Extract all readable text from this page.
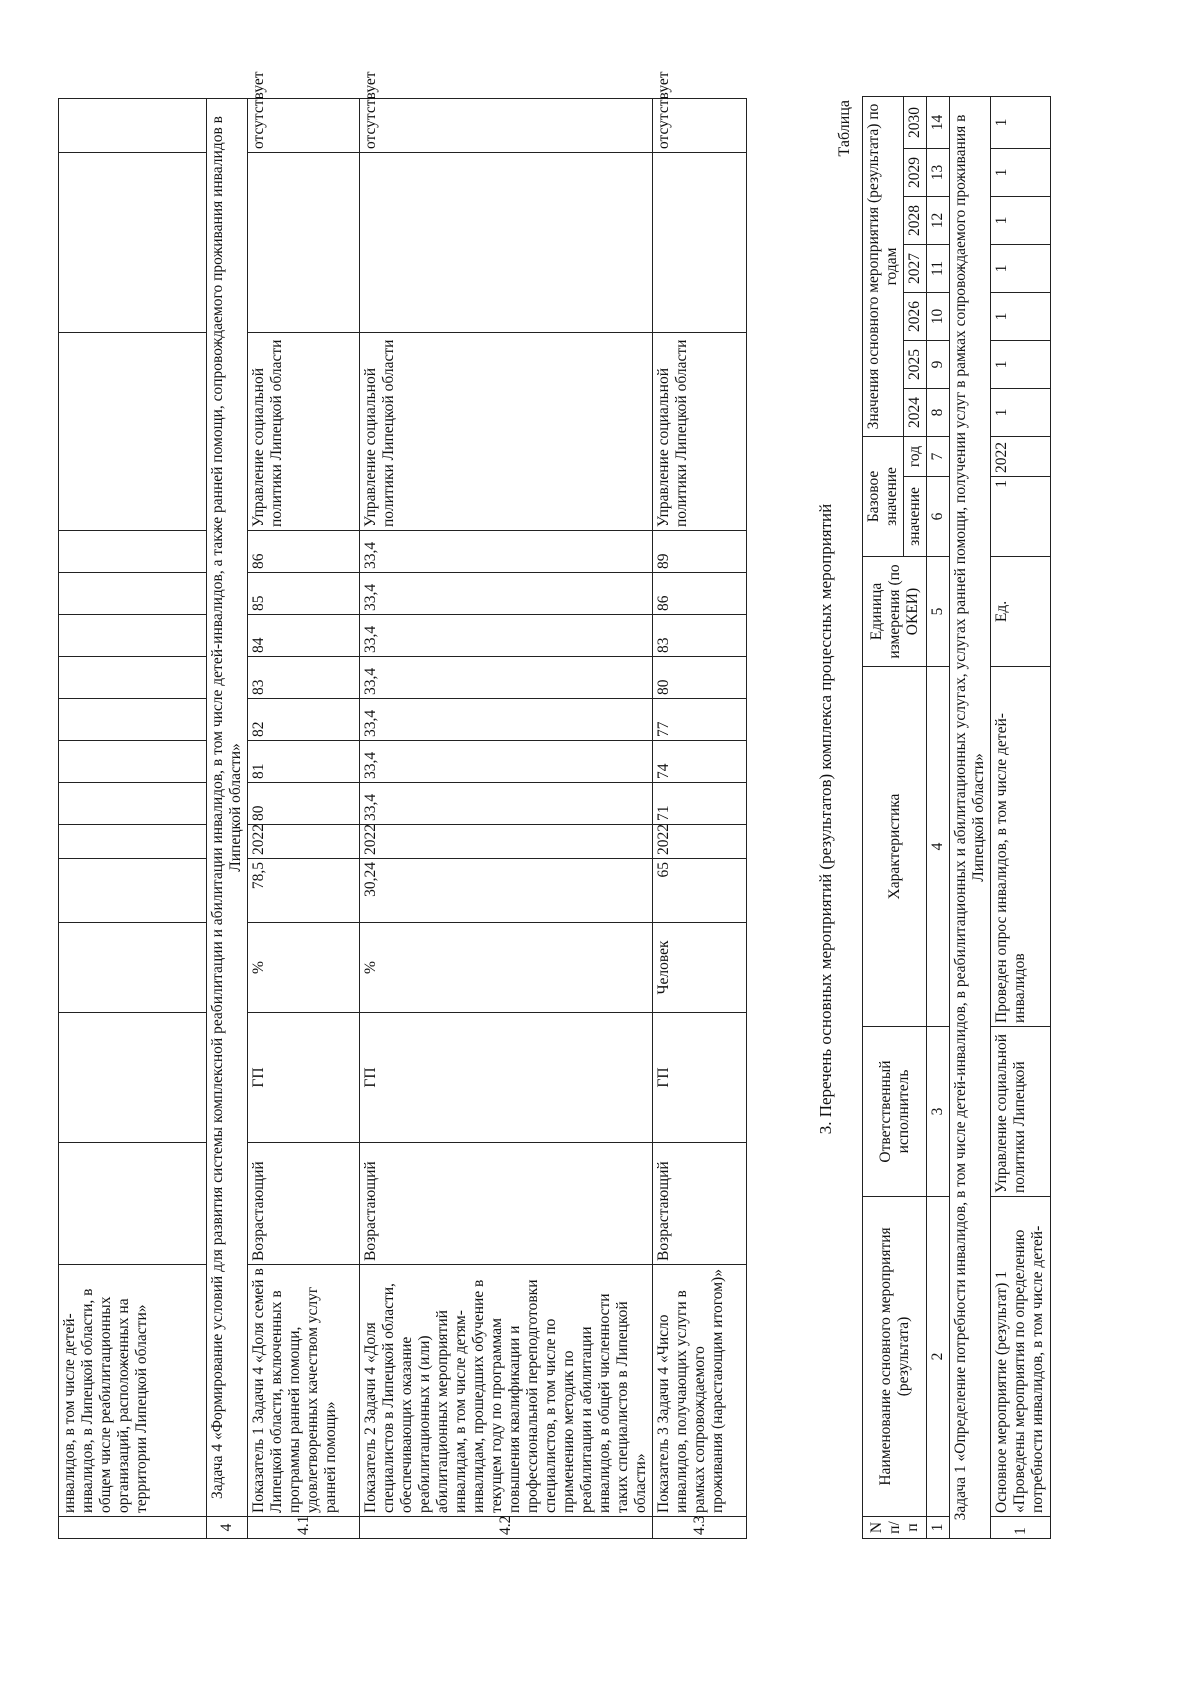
	инвалидов, в том числе детей-инвалидов, в Липецкой области, в общем числе реабилитационных организаций, расположенных на территории Липецкой области»															
4	Задача 4 «Формирование условий для развития системы комплексной реабилитации и абилитации инвалидов, в том числе детей-инвалидов, а также ранней помощи, сопровождаемого проживания инвалидов в Липецкой области»															
4.1	Показатель 1 Задачи 4 «Доля семей в Липецкой области, включенных в программы ранней помощи, удовлетворенных качеством услуг ранней помощи»	Возрастающий	ГП	%	78,5	2022	80	81	82	83	84	85	86	Управление социальной политики Липецкой области		отсутствует
4.2	Показатель 2 Задачи 4 «Доля специалистов в Липецкой области, обеспечивающих оказание реабилитационных и (или) абилитационных мероприятий инвалидам, в том числе детям-инвалидам, прошедших обучение в текущем году по программам повышения квалификации и профессиональной переподготовки специалистов, в том числе по применению методик по реабилитации и абилитации инвалидов, в общей численности таких специалистов в Липецкой области»	Возрастающий	ГП	%	30,24	2022	33,4	33,4	33,4	33,4	33,4	33,4	33,4	Управление социальной политики Липецкой области		отсутствует
4.3	Показатель 3 Задачи 4 «Число инвалидов, получающих услуги в рамках сопровождаемого проживания (нарастающим итогом)»	Возрастающий	ГП	Человек	65	2022	71	74	77	80	83	86	89	Управление социальной политики Липецкой области		отсутствует
3. Перечень основных мероприятий (результатов) комплекса процессных мероприятий
Таблица
N п/п	Наименование основного мероприятия (результата)	Ответственный исполнитель	Характеристика	Единица измерения (по ОКЕИ)	Базовое значение		Значения основного мероприятия (результата) по годам						
					значение	год	2024	2025	2026	2027	2028	2029	2030
1	2	3	4	5	6	7	8	9	10	11	12	13	14
Задача 1 «Определение потребности инвалидов, в том числе детей-инвалидов, в реабилитационных и абилитационных услугах, услугах ранней помощи, получении услуг в рамках сопровождаемого проживания в Липецкой области»													
1	Основное мероприятие (результат) 1 «Проведены мероприятия по определению потребности инвалидов, в том числе детей-	Управление социальной политики Липецкой	Проведен опрос инвалидов, в том числе детей-инвалидов	Ед.	1	2022	1	1	1	1	1	1	1
